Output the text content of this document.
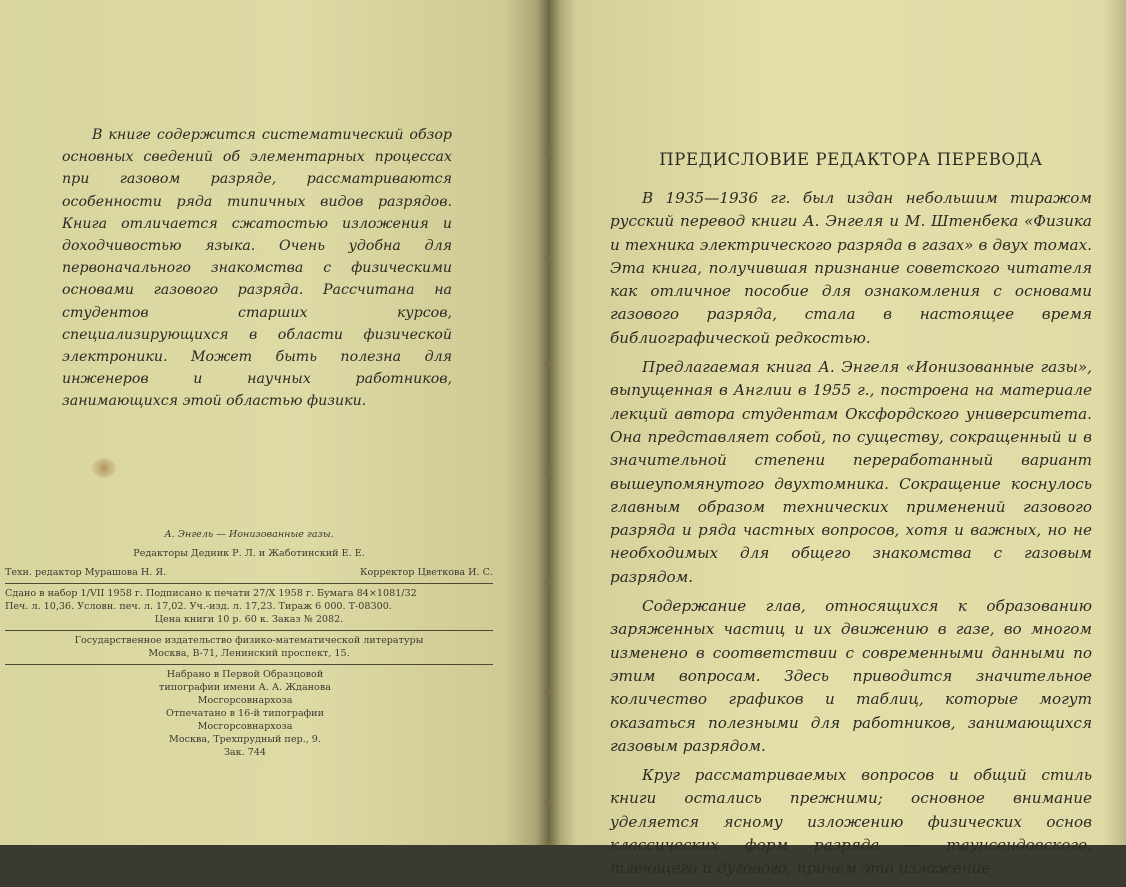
В книге содержится систематический обзор основных сведений об элементарных процессах при газовом разряде, рассматриваются особенности ряда типичных видов разрядов. Книга отличается сжатостью изложения и доходчивостью языка. Очень удобна для первоначального знакомства с физическими основами газового разряда. Рассчитана на студентов старших курсов, специализирующихся в области физической электроники. Может быть полезна для инженеров и научных работников, занимающихся этой областью физики.

А. Энгель — Ионизованные газы.
Редакторы Дедник Р. Л. и Жаботинский Е. Е.
Техн. редактор Мурашова Н. Я.	Корректор Цветкова И. С.
Сдано в набор 1/VII 1958 г. Подписано к печати 27/X 1958 г. Бумага 84×1081/32
Печ. л. 10,36. Условн. печ. л. 17,02. Уч.-изд. л. 17,23. Тираж 6 000. Т-08300.
Цена книги 10 р. 60 к. Заказ № 2082.
Государственное издательство физико-математической литературы
Москва, В-71, Ленинский проспект, 15.
Набрано в Первой Образцовой
типографии имени А. А. Жданова
Мосгорсовнархоза
Отпечатано в 16-й типографии
Мосгорсовнархоза
Москва, Трехпрудный пер., 9.
Зак. 744
ПРЕДИСЛОВИЕ РЕДАКТОРА ПЕРЕВОДА

В 1935—1936 гг. был издан небольшим тиражом русский перевод книги А. Энгеля и М. Штенбека «Физика и техника электрического разряда в газах» в двух томах. Эта книга, получившая признание советского читателя как отличное пособие для ознакомления с основами газового разряда, стала в настоящее время библиографической редкостью.

Предлагаемая книга А. Энгеля «Ионизованные газы», выпущенная в Англии в 1955 г., построена на материале лекций автора студентам Оксфордского университета. Она представляет собой, по существу, сокращенный и в значительной степени переработанный вариант вышеупомянутого двухтомника. Сокращение коснулось главным образом технических применений газового разряда и ряда частных вопросов, хотя и важных, но не необходимых для общего знакомства с газовым разрядом.

Содержание глав, относящихся к образованию заряженных частиц и их движению в газе, во многом изменено в соответствии с современными данными по этим вопросам. Здесь приводится значительное количество графиков и таблиц, которые могут оказаться полезными для работников, занимающихся газовым разрядом.

Круг рассматриваемых вопросов и общий стиль книги остались прежними; основное внимание уделяется ясному изложению физических основ классических форм разряда — таунсендовского, тлеющего и дугового, причем это изложение
